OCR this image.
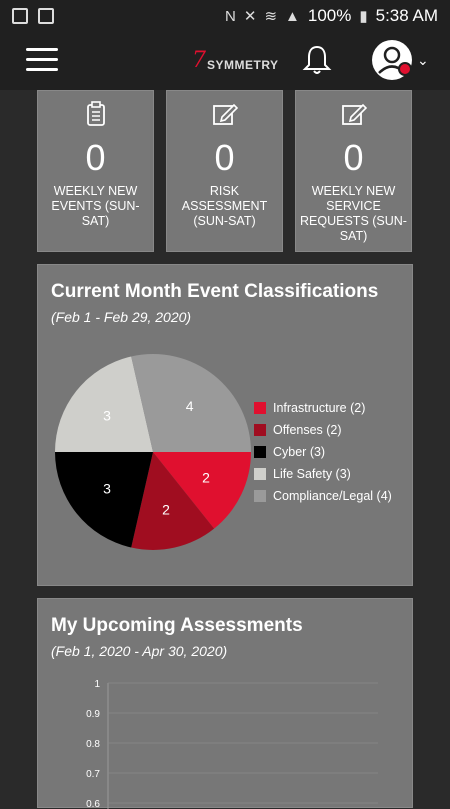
N ✕ ≋ ▲ 100% ▮ 5:38 AM
7 SYMMETRY	⌄
0
WEEKLY NEW EVENTS (SUN-SAT)
0
RISK ASSESSMENT (SUN-SAT)
0
WEEKLY NEW SERVICE REQUESTS (SUN-SAT)
Current Month Event Classifications
(Feb 1 - Feb 29, 2020)
2
2
3
3
4	Infrastructure (2)
Offenses (2)
Cyber (3)
Life Safety (3)
Compliance/Legal (4)
My Upcoming Assessments
(Feb 1, 2020 - Apr 30, 2020)
1
0.9
0.8
0.7
0.6
